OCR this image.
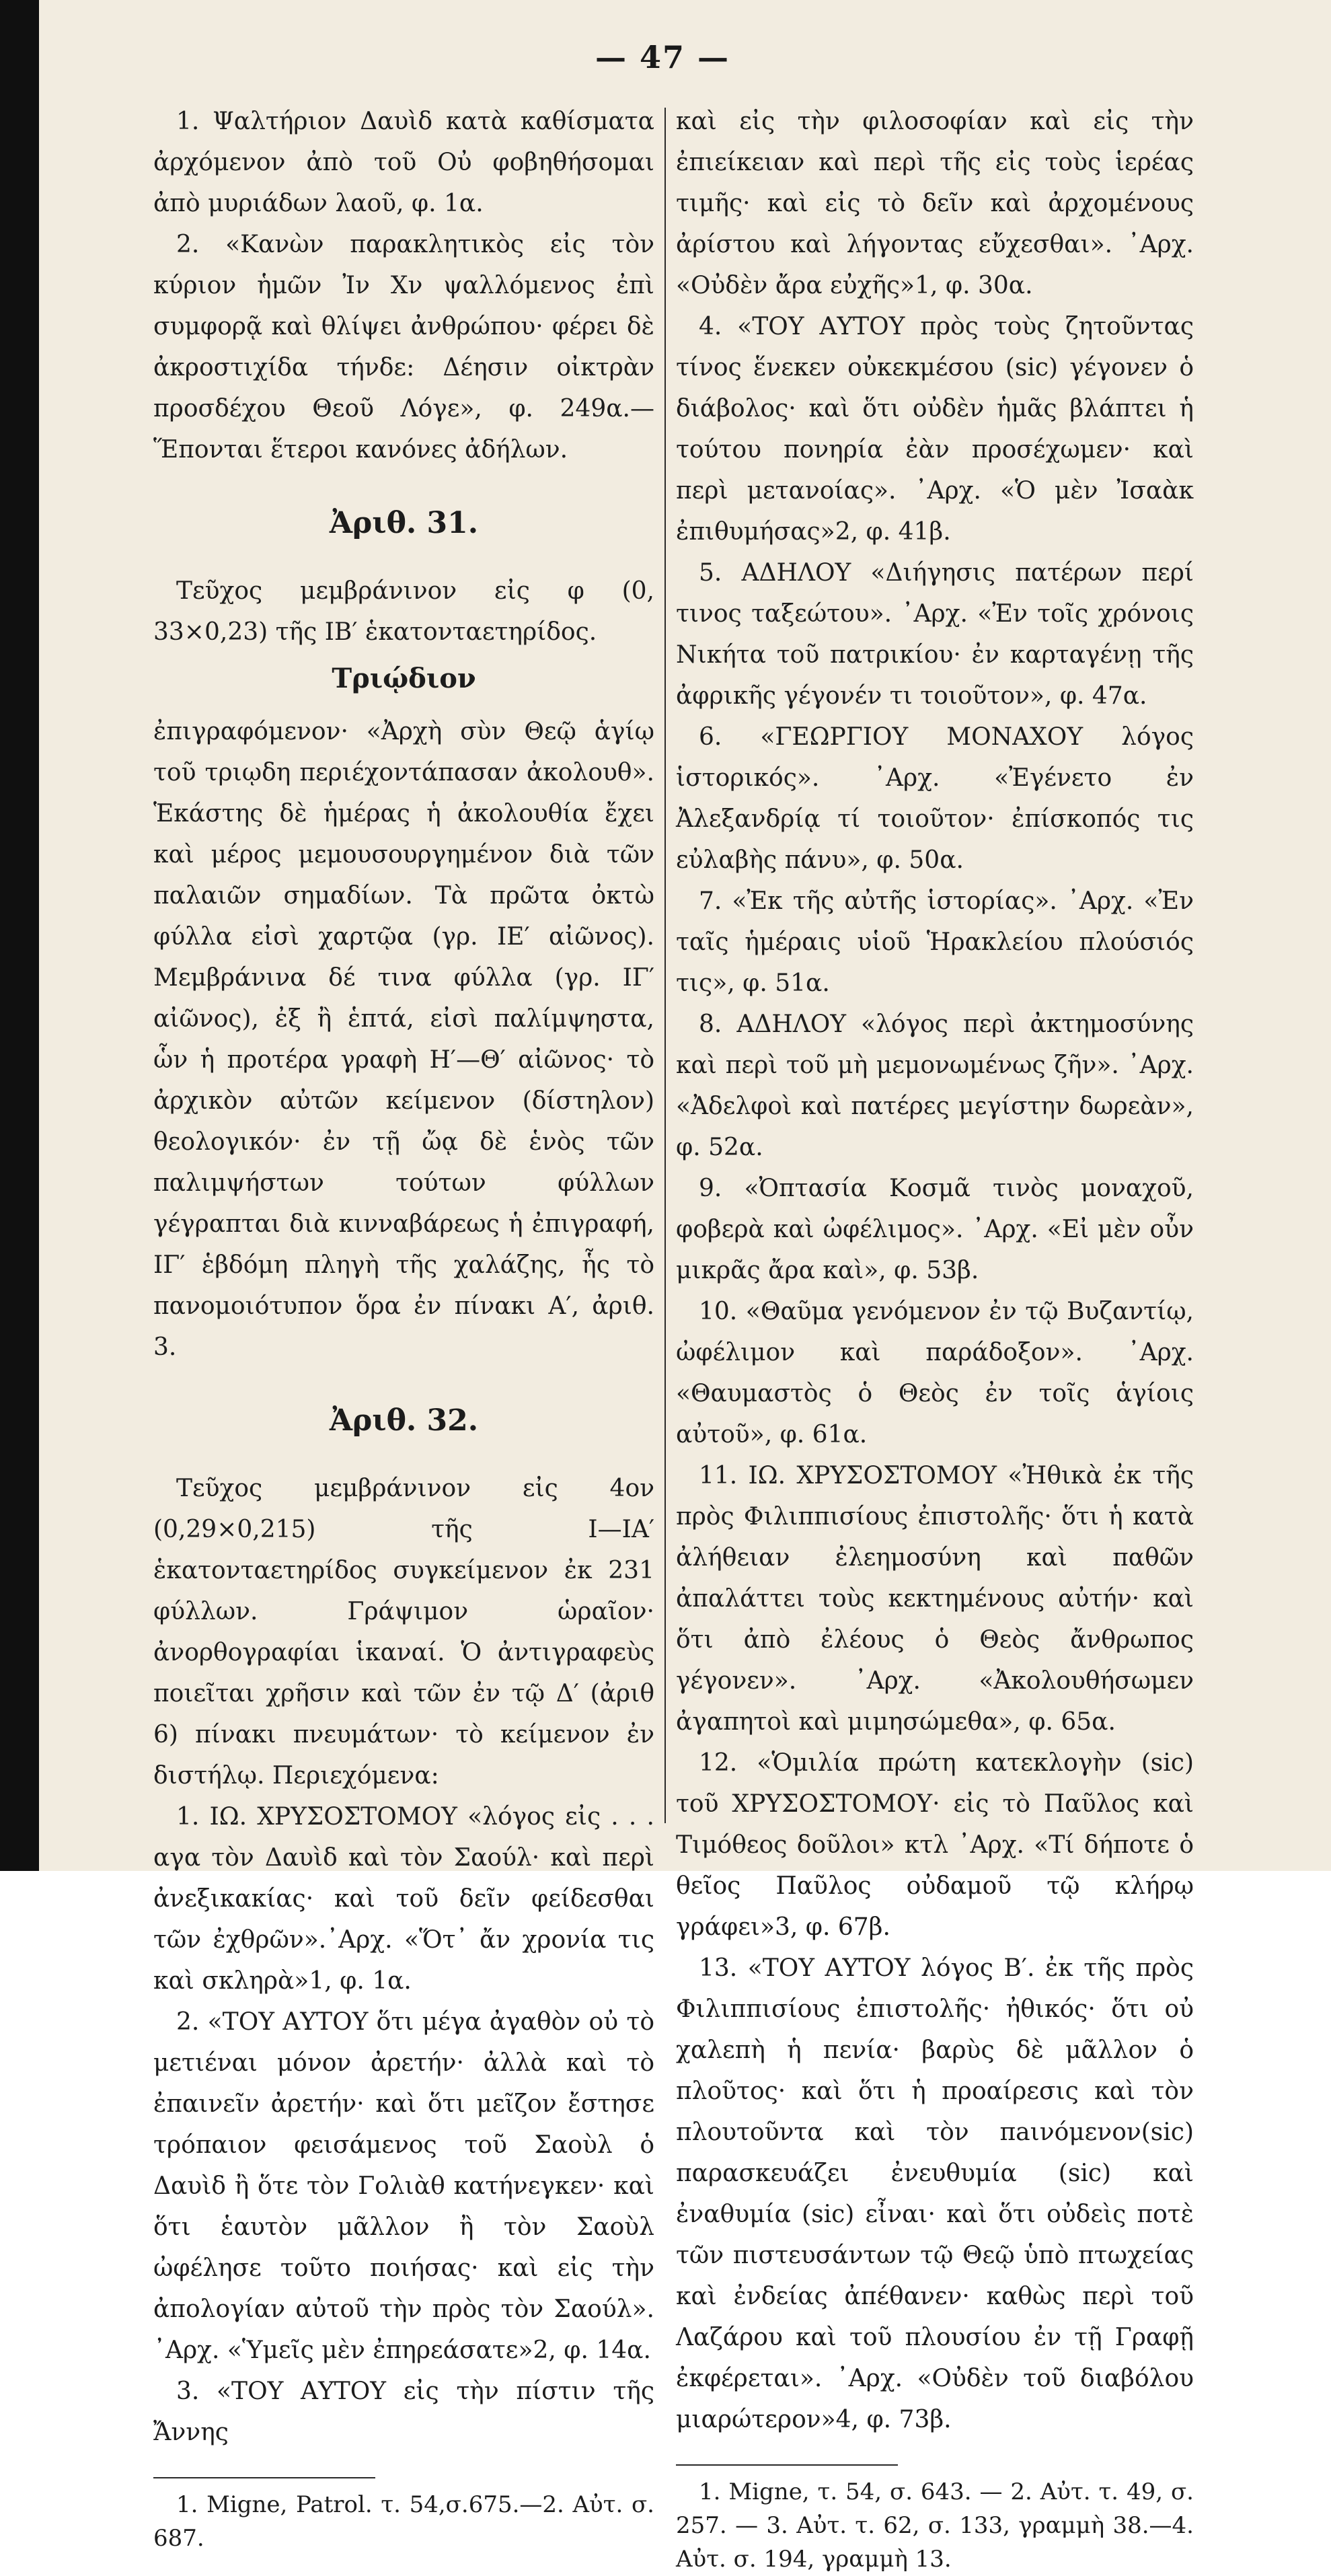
— 47 —

1. Ψαλτήριον Δαυὶδ κατὰ καθίσματα ἀρχόμενον ἀπὸ τοῦ Οὐ φοβηθήσομαι ἀπὸ μυριάδων λαοῦ, φ. 1α.

2. «Κανὼν παρακλητικὸς εἰς τὸν κύριον ἡμῶν Ἰν Χν ψαλλόμενος ἐπὶ συμφορᾷ καὶ θλίψει ἀνθρώπου· φέρει δὲ ἀκροστιχίδα τήνδε: Δέησιν οἰκτρὰν προσδέχου Θεοῦ Λόγε», φ. 249α.—Ἕπονται ἕτεροι κανόνες ἀδήλων.

Ἀριθ. 31.

Τεῦχος μεμβράνινον εἰς φ (0, 33×0,23) τῆς ΙΒ′ ἑκατονταετηρίδος.

Τριῴδιον

ἐπιγραφόμενον· «Ἀρχὴ σὺν Θεῷ ἁγίῳ τοῦ τριῳδη περιέχοντάπασαν ἀκολουθ». Ἑκάστης δὲ ἡμέρας ἡ ἀκολουθία ἔχει καὶ μέρος μεμουσουργημένον διὰ τῶν παλαιῶν σημαδίων. Τὰ πρῶτα ὀκτὼ φύλλα εἰσὶ χαρτῷα (γρ. ΙΕ′ αἰῶνος). Μεμβράνινα δέ τινα φύλλα (γρ. ΙΓ′ αἰῶνος), ἐξ ἢ ἑπτά, εἰσὶ παλίμψηστα, ὧν ἡ προτέρα γραφὴ Η′—Θ′ αἰῶνος· τὸ ἀρχικὸν αὐτῶν κείμενον (δίστηλον) θεολογικόν· ἐν τῇ ὤᾳ δὲ ἑνὸς τῶν παλιμψήστων τούτων φύλλων γέγραπται διὰ κινναβάρεως ἡ ἐπιγραφή, ΙΓ′ ἑβδόμη πληγὴ τῆς χαλάζης, ἧς τὸ πανομοιότυπον ὅρα ἐν πίνακι Α′, ἀριθ. 3.

Ἀριθ. 32.

Τεῦχος μεμβράνινον εἰς 4ον (0,29×0,215) τῆς Ι—ΙΑ′ ἑκατονταετηρίδος συγκείμενον ἐκ 231 φύλλων. Γράψιμον ὡραῖον· ἀνορθογραφίαι ἱκαναί. Ὁ ἀντιγραφεὺς ποιεῖται χρῆσιν καὶ τῶν ἐν τῷ Δ′ (ἀριθ 6) πίνακι πνευμάτων· τὸ κείμενον ἐν διστήλῳ. Περιεχόμενα:

1. ΙΩ. ΧΡΥΣΟΣΤΟΜΟΥ «λόγος εἰς . . . αγα τὸν Δαυὶδ καὶ τὸν Σαούλ· καὶ περὶ ἀνεξικακίας· καὶ τοῦ δεῖν φείδεσθαι τῶν ἐχθρῶν».᾿Αρχ. «Ὅτ᾿ ἄν χρονία τις καὶ σκληρὰ»1, φ. 1α.

2. «ΤΟΥ ΑΥΤΟΥ ὅτι μέγα ἀγαθὸν οὐ τὸ μετιέναι μόνον ἀρετήν· ἀλλὰ καὶ τὸ ἐπαινεῖν ἀρετήν· καὶ ὅτι μεῖζον ἔστησε τρόπαιον φεισάμενος τοῦ Σαοὺλ ὁ Δαυὶδ ἢ ὅτε τὸν Γολιὰθ κατήνεγκεν· καὶ ὅτι ἑαυτὸν μᾶλλον ἢ τὸν Σαοὺλ ὠφέλησε τοῦτο ποιήσας· καὶ εἰς τὴν ἀπολογίαν αὐτοῦ τὴν πρὸς τὸν Σαούλ». ᾿Αρχ. «Ὑμεῖς μὲν ἐπηρεάσατε»2, φ. 14α.

3. «ΤΟΥ ΑΥΤΟΥ εἰς τὴν πίστιν τῆς Ἄννης

1. Migne, Patrol. τ. 54,σ.675.—2. Αὐτ. σ. 687.

καὶ εἰς τὴν φιλοσοφίαν καὶ εἰς τὴν ἐπιείκειαν καὶ περὶ τῆς εἰς τοὺς ἱερέας τιμῆς· καὶ εἰς τὸ δεῖν καὶ ἀρχομένους ἀρίστου καὶ λήγοντας εὔχεσθαι». ᾿Αρχ. «Οὐδὲν ἄρα εὐχῆς»1, φ. 30α.

4. «ΤΟΥ ΑΥΤΟΥ πρὸς τοὺς ζητοῦντας τίνος ἕνεκεν οὐκεκμέσου (sic) γέγονεν ὁ διάβολος· καὶ ὅτι οὐδὲν ἡμᾶς βλάπτει ἡ τούτου πονηρία ἐὰν προσέχωμεν· καὶ περὶ μετανοίας». ᾿Αρχ. «Ὁ μὲν Ἰσαὰκ ἐπιθυμήσας»2, φ. 41β.

5. ΑΔΗΛΟΥ «Διήγησις πατέρων περί τινος ταξεώτου». ᾿Αρχ. «Ἐν τοῖς χρόνοις Νικήτα τοῦ πατρικίου· ἐν καρταγένῃ τῆς ἀφρικῆς γέγονέν τι τοιοῦτον», φ. 47α.

6. «ΓΕΩΡΓΙΟΥ ΜΟΝΑΧΟΥ λόγος ἱστορικός». ᾿Αρχ. «Ἐγένετο ἐν Ἀλεξανδρίᾳ τί τοιοῦτον· ἐπίσκοπός τις εὐλαβὴς πάνυ», φ. 50α.

7. «Ἐκ τῆς αὐτῆς ἱστορίας». ᾿Αρχ. «Ἐν ταῖς ἡμέραις υἱοῦ Ἡρακλείου πλούσιός τις», φ. 51α.

8. ΑΔΗΛΟΥ «λόγος περὶ ἀκτημοσύνης καὶ περὶ τοῦ μὴ μεμονωμένως ζῆν». ᾿Αρχ. «Ἀδελφοὶ καὶ πατέρες μεγίστην δωρεὰν», φ. 52α.

9. «Ὀπτασία Κοσμᾶ τινὸς μοναχοῦ, φοβερὰ καὶ ὠφέλιμος». ᾿Αρχ. «Εἰ μὲν οὖν μικρᾶς ἄρα καὶ», φ. 53β.

10. «Θαῦμα γενόμενον ἐν τῷ Βυζαντίῳ, ὠφέλιμον καὶ παράδοξον». ᾿Αρχ. «Θαυμαστὸς ὁ Θεὸς ἐν τοῖς ἁγίοις αὐτοῦ», φ. 61α.

11. ΙΩ. ΧΡΥΣΟΣΤΟΜΟΥ «Ἠθικὰ ἐκ τῆς πρὸς Φιλιππισίους ἐπιστολῆς· ὅτι ἡ κατὰ ἀλήθειαν ἐλεημοσύνη καὶ παθῶν ἀπαλάττει τοὺς κεκτημένους αὐτήν· καὶ ὅτι ἀπὸ ἐλέους ὁ Θεὸς ἄνθρωπος γέγονεν». ᾿Αρχ. «Ἀκολουθήσωμεν ἀγαπητοὶ καὶ μιμησώμεθα», φ. 65α.

12. «Ὁμιλία πρώτη κατεκλογὴν (sic) τοῦ ΧΡΥΣΟΣΤΟΜΟΥ· εἰς τὸ Παῦλος καὶ Τιμόθεος δοῦλοι» κτλ ᾿Αρχ. «Τί δήποτε ὁ θεῖος Παῦλος οὐδαμοῦ τῷ κλήρῳ γράφει»3, φ. 67β.

13. «ΤΟΥ ΑΥΤΟΥ λόγος Β′. ἐκ τῆς πρὸς Φιλιππισίους ἐπιστολῆς· ἠθικός· ὅτι οὐ χαλεπὴ ἡ πενία· βαρὺς δὲ μᾶλλον ὁ πλοῦτος· καὶ ὅτι ἡ προαίρεσις καὶ τὸν πλουτοῦντα καὶ τὸν πaινόμενον(sic) παρασκευάζει ἐνευθυμία (sic) καὶ ἐναθυμία (sic) εἶναι· καὶ ὅτι οὐδεὶς ποτὲ τῶν πιστευσάντων τῷ Θεῷ ὑπὸ πτωχείας καὶ ἐνδείας ἀπέθανεν· καθὼς περὶ τοῦ Λαζάρου καὶ τοῦ πλουσίου ἐν τῇ Γραφῇ ἐκφέρεται». ᾿Αρχ. «Οὐδὲν τοῦ διαβόλου μιαρώτερον»4, φ. 73β.

1. Migne, τ. 54, σ. 643. — 2. Αὐτ. τ. 49, σ. 257. — 3. Αὐτ. τ. 62, σ. 133, γραμμὴ 38.—4. Αὐτ. σ. 194, γραμμὴ 13.
